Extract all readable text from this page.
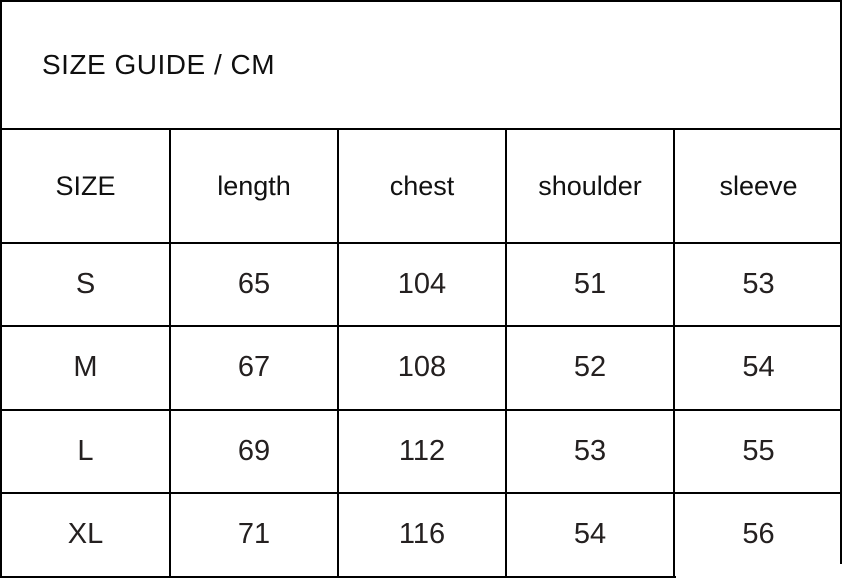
SIZE GUIDE / CM
SIZE	length	chest	shoulder	sleeve
S	65	104	51	53
M	67	108	52	54
L	69	112	53	55
XL	71	116	54	56
